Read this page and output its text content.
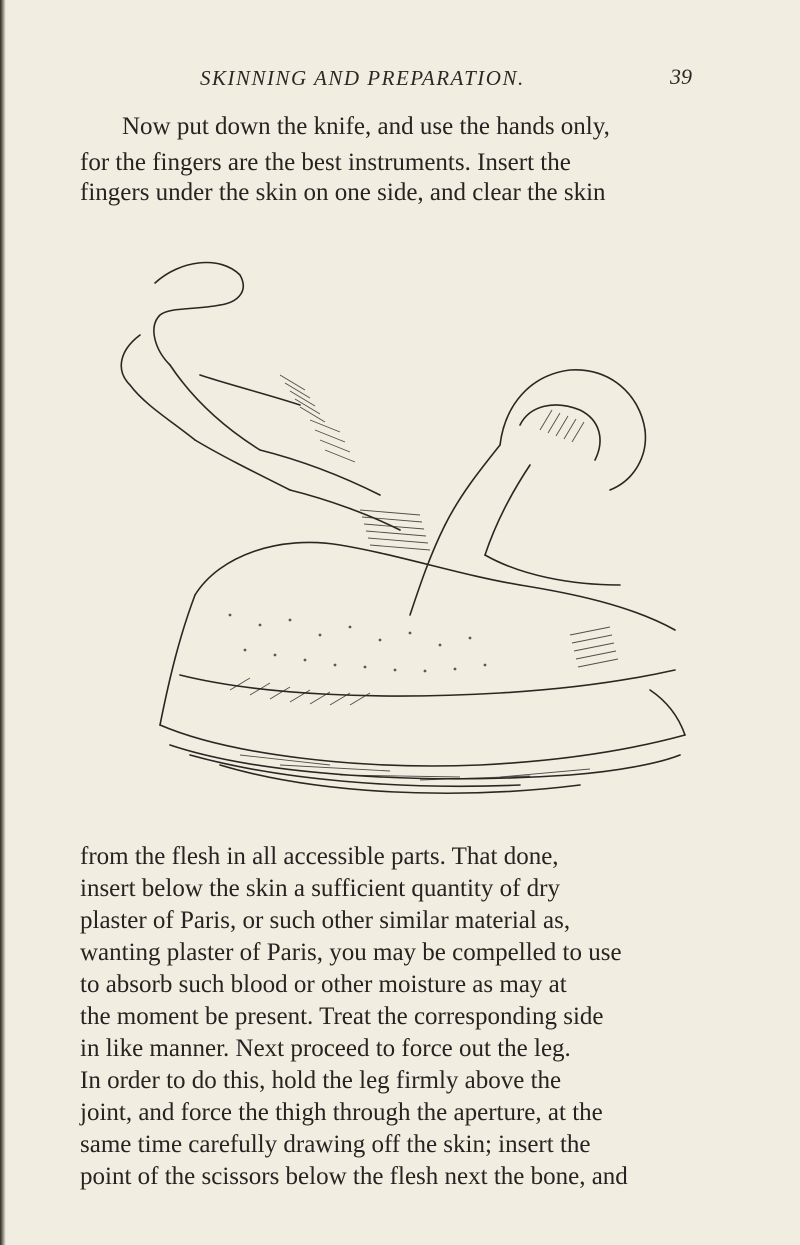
SKINNING AND PREPARATION.	39
Now put down the knife, and use the hands only,
for the fingers are the best instruments. Insert the
fingers under the skin on one side, and clear the skin
from the flesh in all accessible parts. That done,
insert below the skin a sufficient quantity of dry
plaster of Paris, or such other similar material as,
wanting plaster of Paris, you may be compelled to use
to absorb such blood or other moisture as may at
the moment be present. Treat the corresponding side
in like manner. Next proceed to force out the leg.
In order to do this, hold the leg firmly above the
joint, and force the thigh through the aperture, at the
same time carefully drawing off the skin; insert the
point of the scissors below the flesh next the bone, and
